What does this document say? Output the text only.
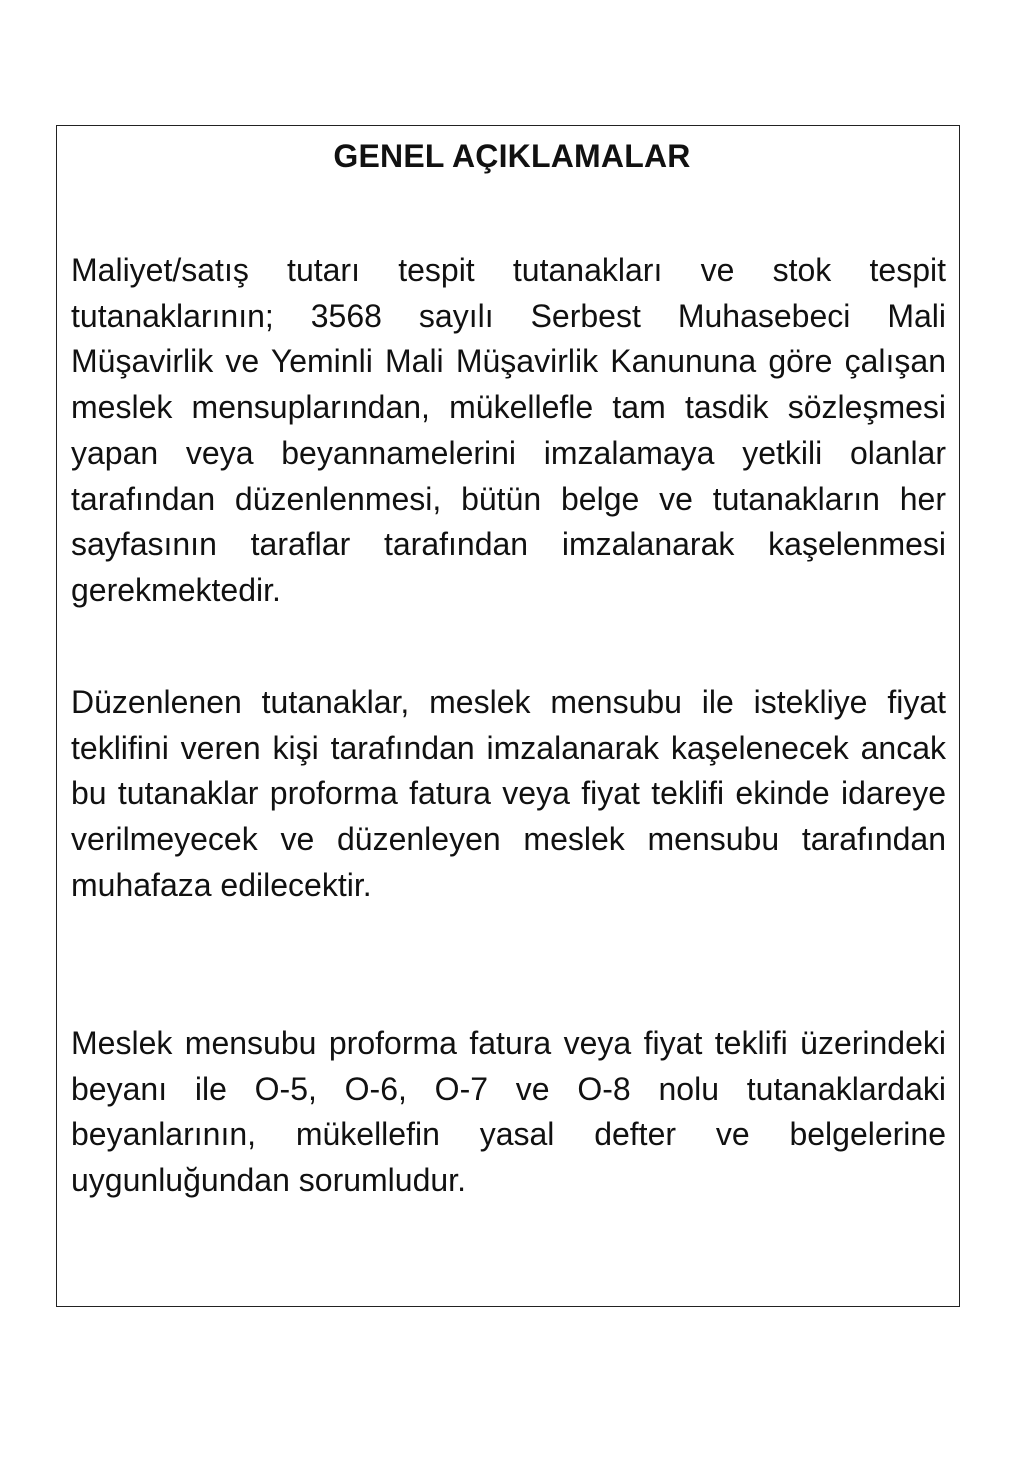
GENEL AÇIKLAMALAR

Maliyet/satış tutarı tespit tutanakları ve stok tespit tutanaklarının; 3568 sayılı Serbest Muhasebeci Mali Müşavirlik ve Yeminli Mali Müşavirlik Kanununa göre çalışan meslek mensuplarından, mükellefle tam tasdik sözleşmesi yapan veya beyannamelerini imzalamaya yetkili olanlar tarafından düzenlenmesi, bütün belge ve tutanakların her sayfasının taraflar tarafından imzalanarak kaşelenmesi gerekmektedir.

Düzenlenen tutanaklar, meslek mensubu ile istekliye fiyat teklifini veren kişi tarafından imzalanarak kaşelenecek ancak bu tutanaklar proforma fatura veya fiyat teklifi ekinde idareye verilmeyecek ve düzenleyen meslek mensubu tarafından muhafaza edilecektir.

Meslek mensubu proforma fatura veya fiyat teklifi üzerindeki beyanı ile O-5, O-6, O-7 ve O-8 nolu tutanaklardaki beyanlarının, mükellefin yasal defter ve belgelerine uygunluğundan sorumludur.
